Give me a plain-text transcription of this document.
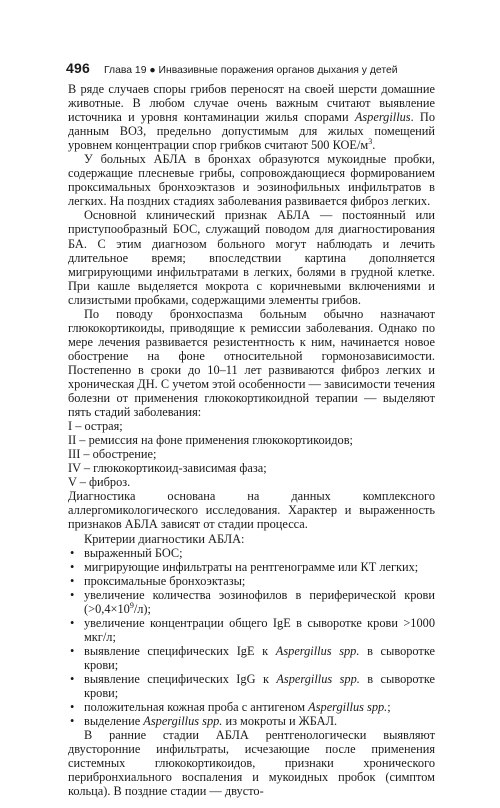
496 Глава 19 ● Инвазивные поражения органов дыхания у детей

В ряде случаев споры грибов переносят на своей шерсти домашние животные. В любом случае очень важным считают выявление источника и уровня контаминации жилья спорами Aspergillus. По данным ВОЗ, предельно допустимым для жилых помещений уровнем концентрации спор грибков считают 500 КОЕ/$м^3$.

У больных АБЛА в бронхах образуются мукоидные пробки, содержащие плесневые грибы, сопровождающиеся формированием проксимальных бронхоэктазов и эозинофильных инфильтратов в легких. На поздних стадиях заболевания развивается фиброз легких.

Основной клинический признак АБЛА — постоянный или приступообразный БОС, служащий поводом для диагностирования БА. С этим диагнозом больного могут наблюдать и лечить длительное время; впоследствии картина дополняется мигрирующими инфильтратами в легких, болями в грудной клетке. При кашле выделяется мокрота с коричневыми включениями и слизистыми пробками, содержащими элементы грибов.

По поводу бронхоспазма больным обычно назначают глюкокортикоиды, приводящие к ремиссии заболевания. Однако по мере лечения развивается резистентность к ним, начинается новое обострение на фоне относительной гормонозависимости. Постепенно в сроки до 10–11 лет развиваются фиброз легких и хроническая ДН. С учетом этой особенности — зависимости течения болезни от применения глюкокортикоидной терапии — выделяют пять стадий заболевания:

I – острая;
II – ремиссия на фоне применения глюкокортикоидов;
III – обострение;
IV – глюкокортикоид-зависимая фаза;
V – фиброз.

Диагностика основана на данных комплексного аллергомикологического исследования. Характер и выраженность признаков АБЛА зависят от стадии процесса.

Критерии диагностики АБЛА:

• выраженный БОС;
• мигрирующие инфильтраты на рентгенограмме или КТ легких;
• проксимальные бронхоэктазы;
• увеличение количества эозинофилов в периферической крови $(>0,4\times 10^9/л)$;
• увеличение концентрации общего IgE в сыворотке крови >1000 мкг/л;
• выявление специфических IgE к Aspergillus spp. в сыворотке крови;
• выявление специфических IgG к Aspergillus spp. в сыворотке крови;
• положительная кожная проба с антигеном Aspergillus spp.;
• выделение Aspergillus spp. из мокроты и ЖБАЛ.

В ранние стадии АБЛА рентгенологически выявляют двусторонние инфильтраты, исчезающие после применения системных глюкокортикоидов, признаки хронического перибронхиального воспаления и мукоидных пробок (симптом кольца). В поздние стадии — двусто-
